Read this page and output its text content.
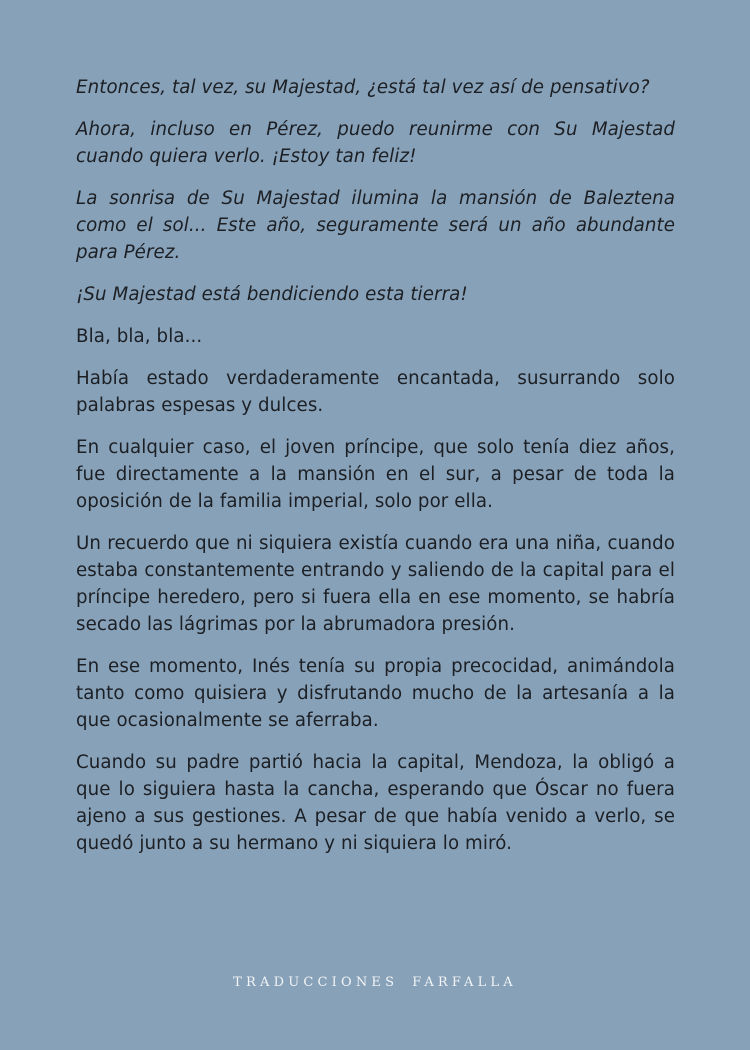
Entonces, tal vez, su Majestad, ¿está tal vez así de pensativo?

Ahora, incluso en Pérez, puedo reunirme con Su Majestad cuando quiera verlo. ¡Estoy tan feliz!

La sonrisa de Su Majestad ilumina la mansión de Baleztena como el sol... Este año, seguramente será un año abundante para Pérez.

¡Su Majestad está bendiciendo esta tierra!

Bla, bla, bla...

Había estado verdaderamente encantada, susurrando solo palabras espesas y dulces.

En cualquier caso, el joven príncipe, que solo tenía diez años, fue directamente a la mansión en el sur, a pesar de toda la oposición de la familia imperial, solo por ella.

Un recuerdo que ni siquiera existía cuando era una niña, cuando estaba constantemente entrando y saliendo de la capital para el príncipe heredero, pero si fuera ella en ese momento, se habría secado las lágrimas por la abrumadora presión.

En ese momento, Inés tenía su propia precocidad, animándola tanto como quisiera y disfrutando mucho de la artesanía a la que ocasionalmente se aferraba.

Cuando su padre partió hacia la capital, Mendoza, la obligó a que lo siguiera hasta la cancha, esperando que Óscar no fuera ajeno a sus gestiones. A pesar de que había venido a verlo, se quedó junto a su hermano y ni siquiera lo miró.

TRADUCCIONES FARFALLA
